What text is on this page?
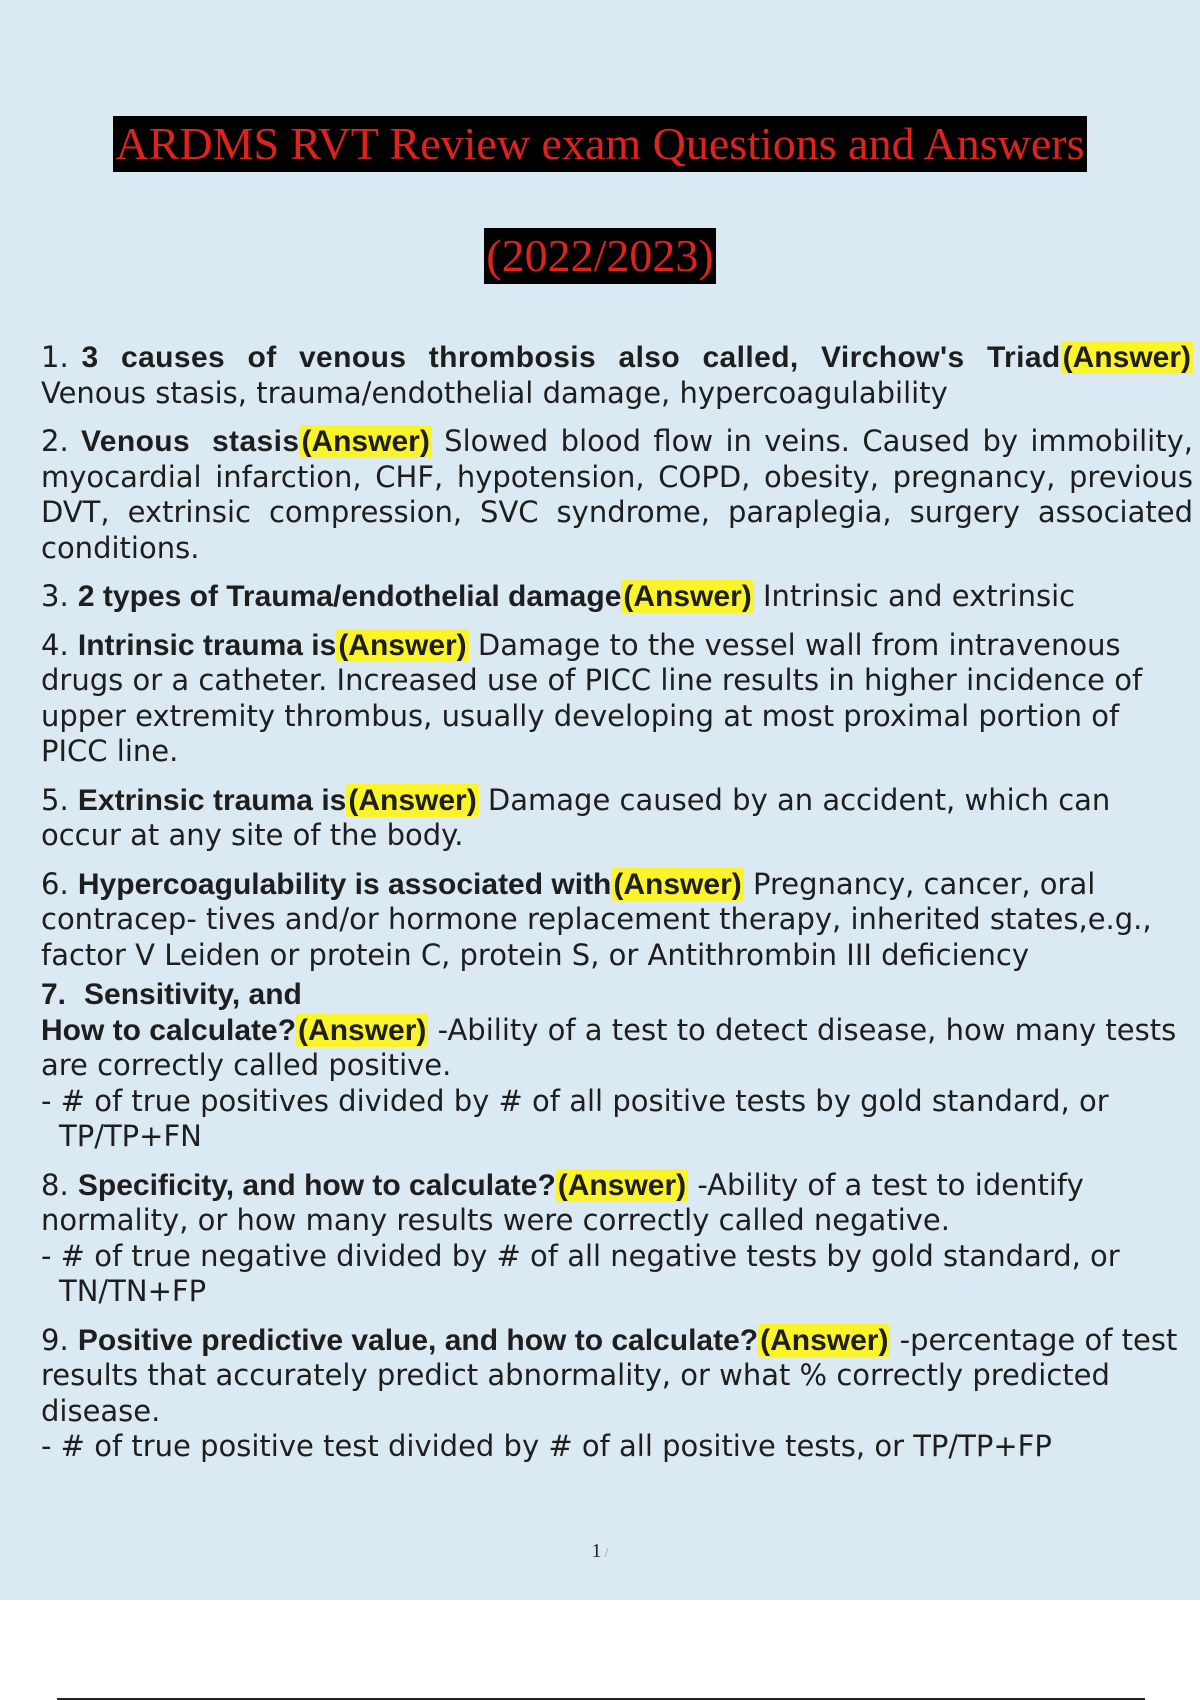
ARDMS RVT Review exam Questions and Answers
(2022/2023)
1. 3 causes of venous thrombosis also called, Virchow's Triad(Answer) Venous stasis, trauma/endothelial damage, hypercoagulability
2. Venous stasis(Answer) Slowed blood flow in veins. Caused by immobility, myocardial infarction, CHF, hypotension, COPD, obesity, pregnancy, previous DVT, extrinsic compression, SVC syndrome, paraplegia, surgery associated conditions.
3. 2 types of Trauma/endothelial damage(Answer) Intrinsic and extrinsic
4. Intrinsic trauma is(Answer) Damage to the vessel wall from intravenous drugs or a catheter. Increased use of PICC line results in higher incidence of upper extremity thrombus, usually developing at most proximal portion of PICC line.
5. Extrinsic trauma is(Answer) Damage caused by an accident, which can occur at any site of the body.
6. Hypercoagulability is associated with(Answer) Pregnancy, cancer, oral contracep- tives and/or hormone replacement therapy, inherited states,e.g., factor V Leiden or protein C, protein S, or Antithrombin III deficiency
7. Sensitivity, and
How to calculate?(Answer) -Ability of a test to detect disease, how many tests are correctly called positive.
- # of true positives divided by # of all positive tests by gold standard, or TP/TP+FN
8. Specificity, and how to calculate?(Answer) -Ability of a test to identify normality, or how many results were correctly called negative.
- # of true negative divided by # of all negative tests by gold standard, or TN/TN+FP
9. Positive predictive value, and how to calculate?(Answer) -percentage of test results that accurately predict abnormality, or what % correctly predicted disease.
- # of true positive test divided by # of all positive tests, or TP/TP+FP
1 /
